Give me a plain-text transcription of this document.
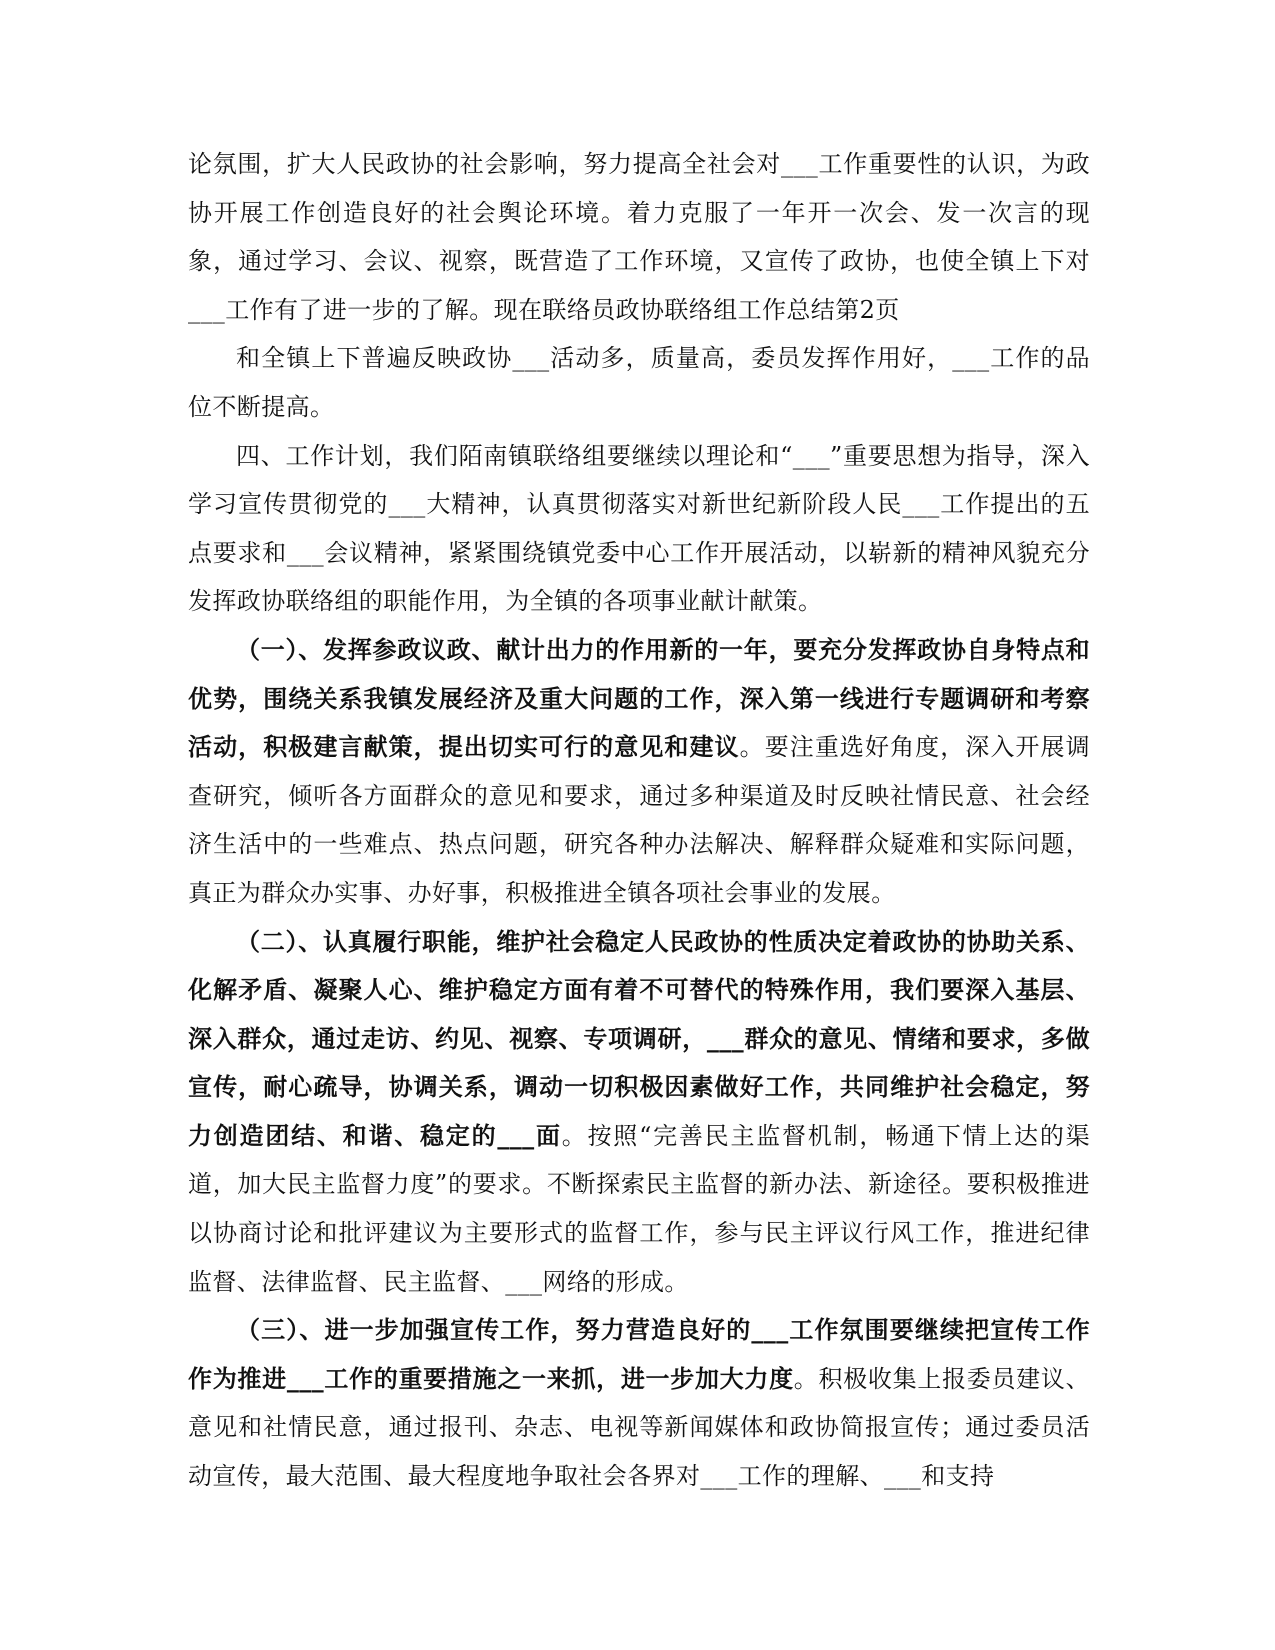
论氛围，扩大人民政协的社会影响，努力提高全社会对___工作重要性的认识，为政协开展工作创造良好的社会舆论环境。着力克服了一年开一次会、发一次言的现象，通过学习、会议、视察，既营造了工作环境，又宣传了政协，也使全镇上下对___工作有了进一步的了解。现在联络员政协联络组工作总结第2页

和全镇上下普遍反映政协___活动多，质量高，委员发挥作用好，___工作的品位不断提高。

四、工作计划，我们陌南镇联络组要继续以理论和“___”重要思想为指导，深入学习宣传贯彻党的___大精神，认真贯彻落实对新世纪新阶段人民___工作提出的五点要求和___会议精神，紧紧围绕镇党委中心工作开展活动，以崭新的精神风貌充分发挥政协联络组的职能作用，为全镇的各项事业献计献策。

（一）、发挥参政议政、献计出力的作用新的一年，要充分发挥政协自身特点和优势，围绕关系我镇发展经济及重大问题的工作，深入第一线进行专题调研和考察活动，积极建言献策，提出切实可行的意见和建议。要注重选好角度，深入开展调查研究，倾听各方面群众的意见和要求，通过多种渠道及时反映社情民意、社会经济生活中的一些难点、热点问题，研究各种办法解决、解释群众疑难和实际问题，真正为群众办实事、办好事，积极推进全镇各项社会事业的发展。

（二）、认真履行职能，维护社会稳定人民政协的性质决定着政协的协助关系、化解矛盾、凝聚人心、维护稳定方面有着不可替代的特殊作用，我们要深入基层、深入群众，通过走访、约见、视察、专项调研，___群众的意见、情绪和要求，多做宣传，耐心疏导，协调关系，调动一切积极因素做好工作，共同维护社会稳定，努力创造团结、和谐、稳定的___面。按照“完善民主监督机制，畅通下情上达的渠道，加大民主监督力度”的要求。不断探索民主监督的新办法、新途径。要积极推进以协商讨论和批评建议为主要形式的监督工作，参与民主评议行风工作，推进纪律监督、法律监督、民主监督、___网络的形成。

（三）、进一步加强宣传工作，努力营造良好的___工作氛围要继续把宣传工作作为推进___工作的重要措施之一来抓，进一步加大力度。积极收集上报委员建议、意见和社情民意，通过报刊、杂志、电视等新闻媒体和政协简报宣传；通过委员活动宣传，最大范围、最大程度地争取社会各界对___工作的理解、___和支持
